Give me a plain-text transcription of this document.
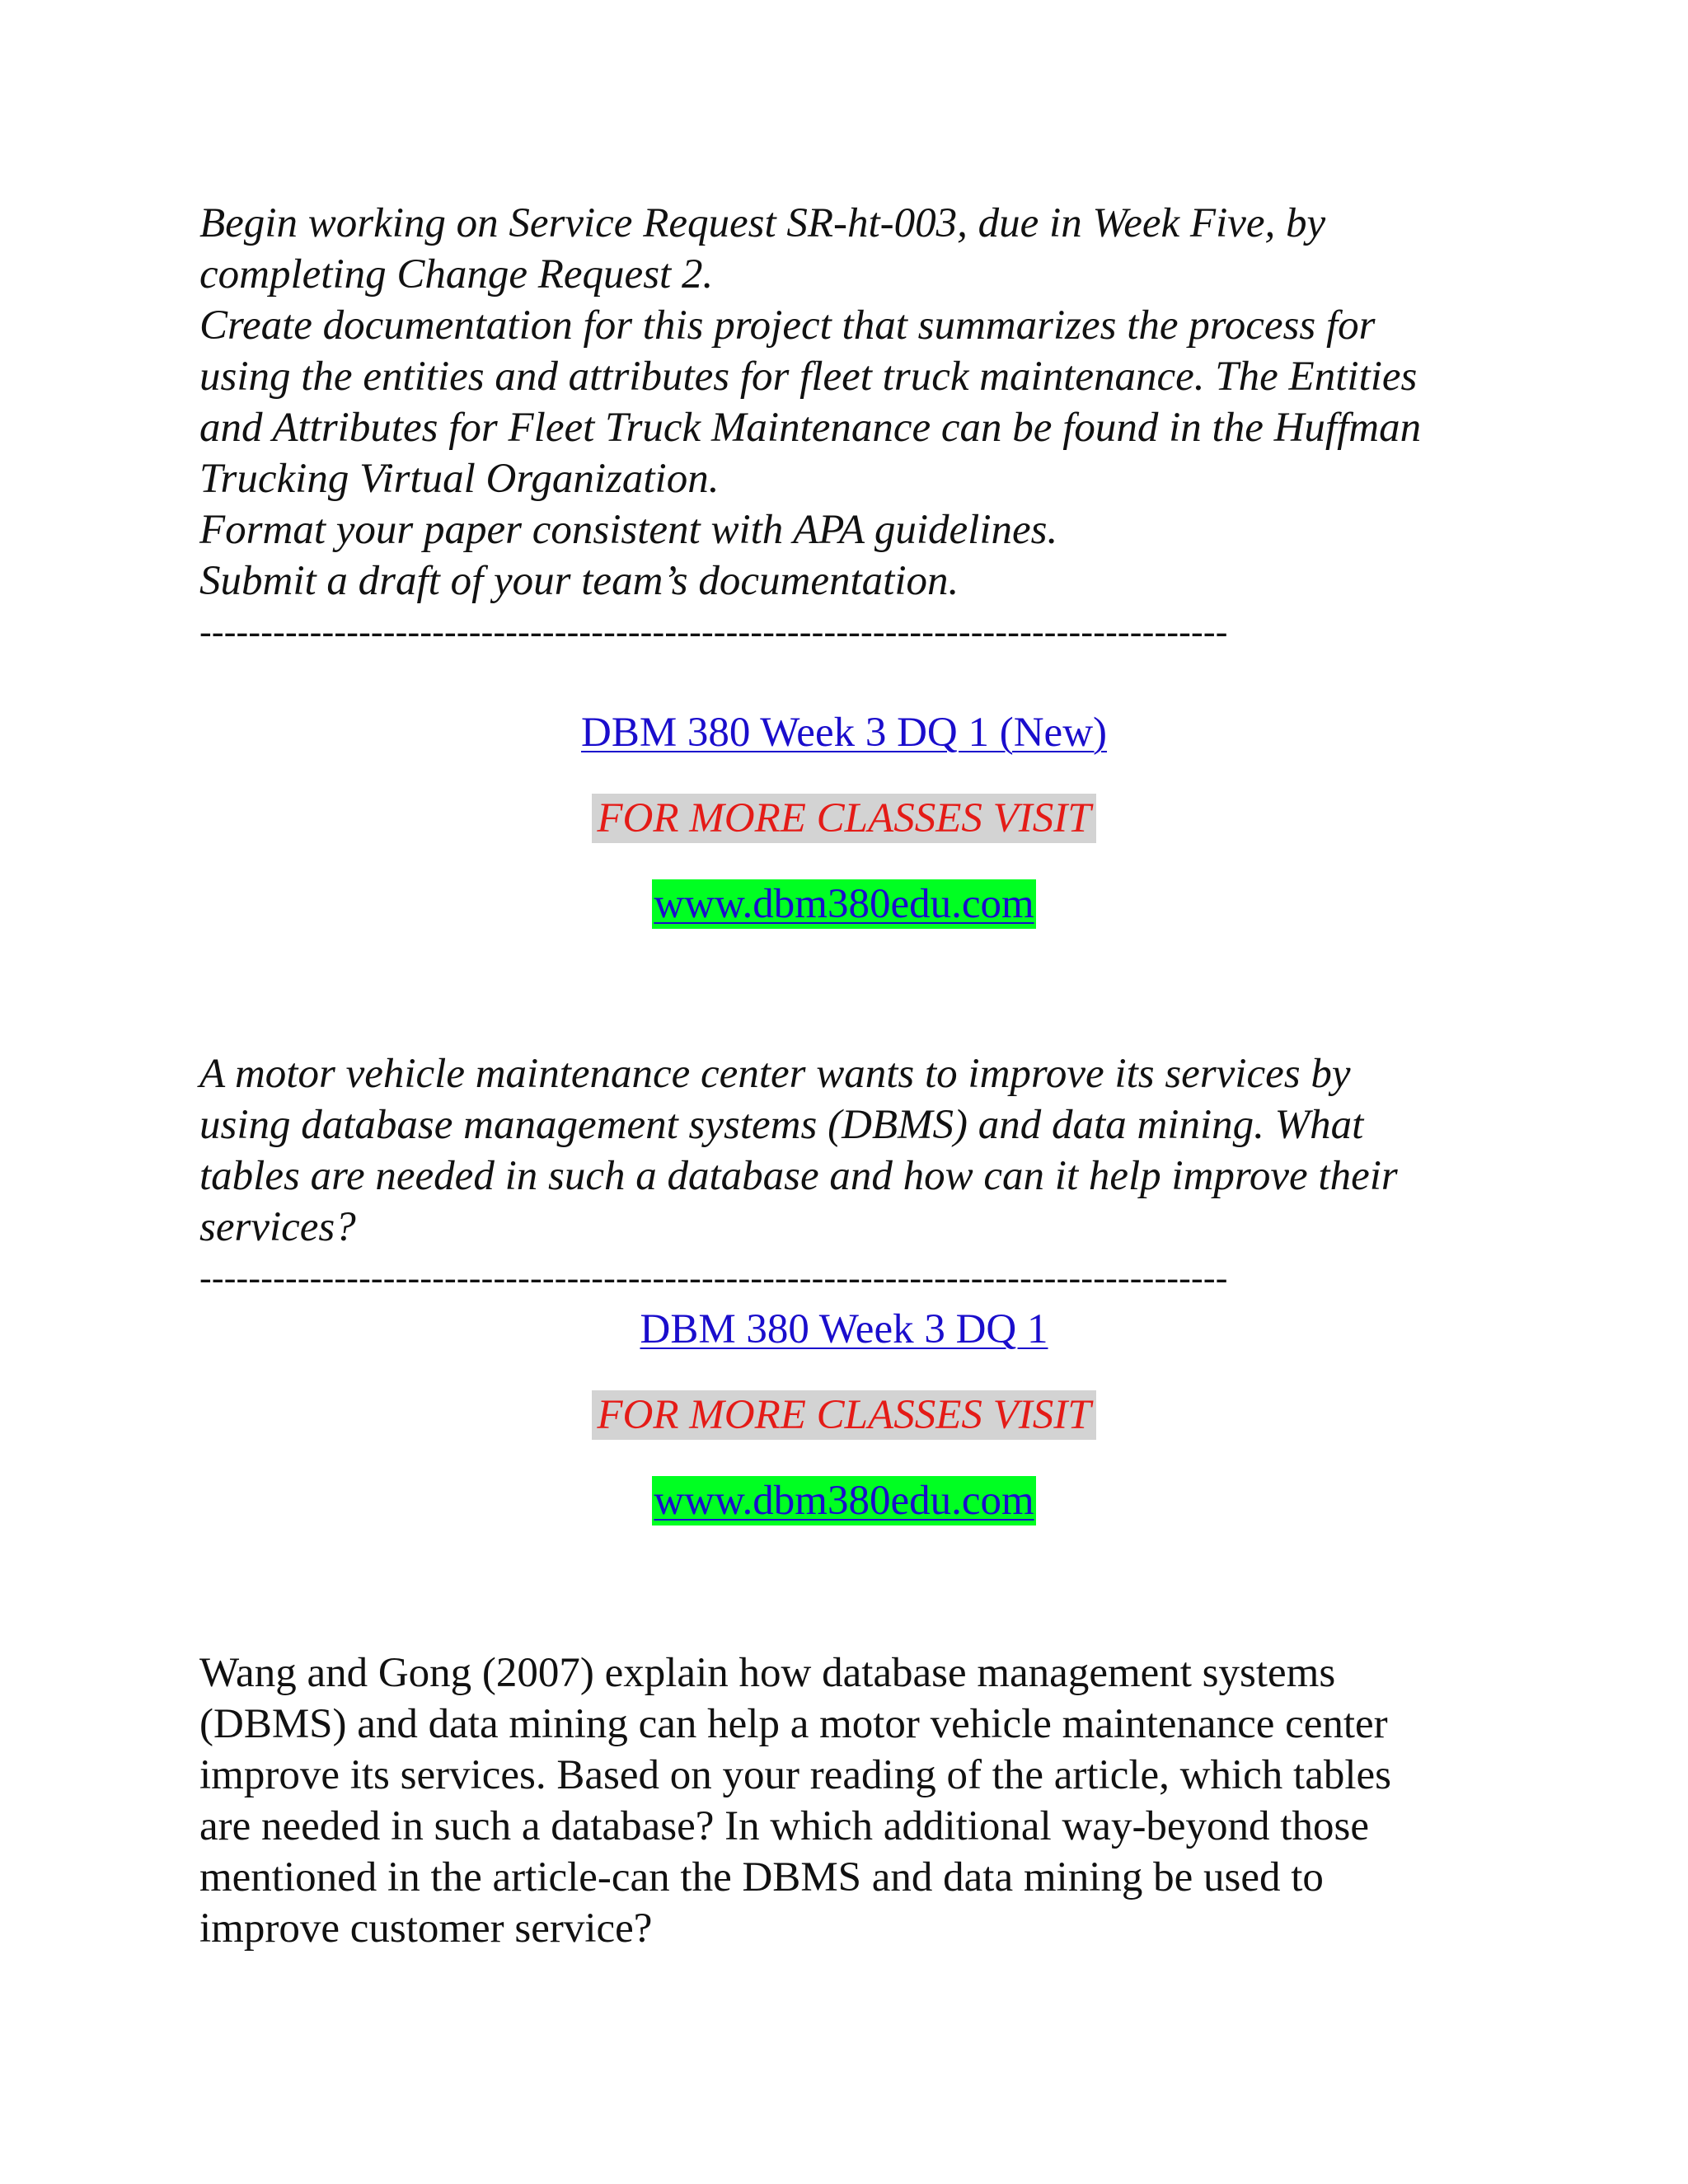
Begin working on Service Request SR-ht-003, due in Week Five, by
completing Change Request 2.
Create documentation for this project that summarizes the process for
using the entities and attributes for fleet truck maintenance. The Entities
and Attributes for Fleet Truck Maintenance can be found in the Huffman
Trucking Virtual Organization.
Format your paper consistent with APA guidelines.
Submit a draft of your team’s documentation.

------------------------------------------------------------------------------------
DBM 380 Week 3 DQ 1 (New)
FOR MORE CLASSES VISIT
www.dbm380edu.com

A motor vehicle maintenance center wants to improve its services by
using database management systems (DBMS) and data mining. What
tables are needed in such a database and how can it help improve their
services?

------------------------------------------------------------------------------------
DBM 380 Week 3 DQ 1
FOR MORE CLASSES VISIT
www.dbm380edu.com

Wang and Gong (2007) explain how database management systems
(DBMS) and data mining can help a motor vehicle maintenance center
improve its services. Based on your reading of the article, which tables
are needed in such a database? In which additional way-beyond those
mentioned in the article-can the DBMS and data mining be used to
improve customer service?
